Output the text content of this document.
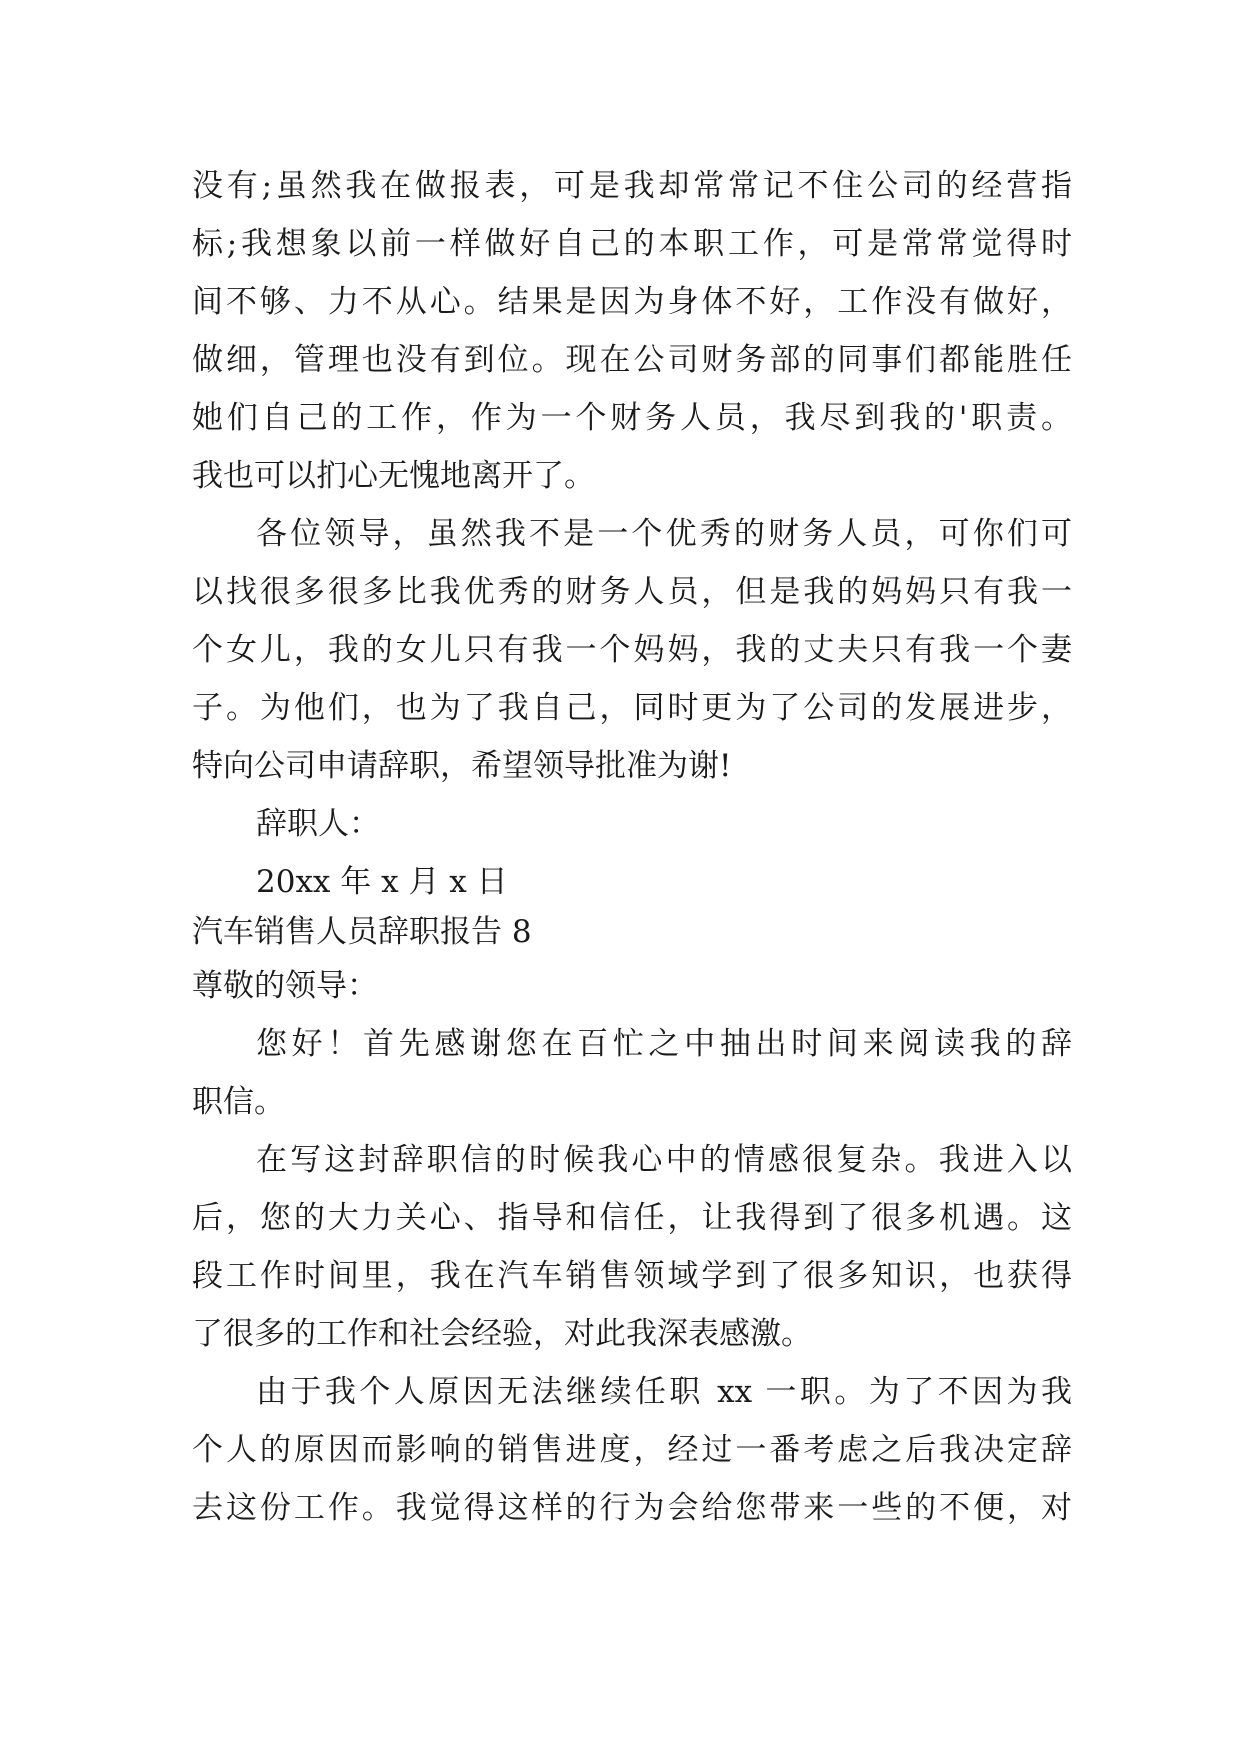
没有;虽然我在做报表，可是我却常常记不住公司的经营指
标;我想象以前一样做好自己的本职工作，可是常常觉得时
间不够、力不从心。结果是因为身体不好，工作没有做好，
做细，管理也没有到位。现在公司财务部的同事们都能胜任
她们自己的工作，作为一个财务人员，我尽到我的'职责。
我也可以扪心无愧地离开了。
各位领导，虽然我不是一个优秀的财务人员，可你们可
以找很多很多比我优秀的财务人员，但是我的妈妈只有我一
个女儿，我的女儿只有我一个妈妈，我的丈夫只有我一个妻
子。为他们，也为了我自己，同时更为了公司的发展进步，
特向公司申请辞职，希望领导批准为谢!
辞职人：
20xx 年 x 月 x 日
汽车销售人员辞职报告 8
尊敬的领导：
您好！首先感谢您在百忙之中抽出时间来阅读我的辞
职信。
在写这封辞职信的时候我心中的情感很复杂。我进入以
后，您的大力关心、指导和信任，让我得到了很多机遇。这
段工作时间里，我在汽车销售领域学到了很多知识，也获得
了很多的工作和社会经验，对此我深表感激。
由于我个人原因无法继续任职 xx 一职。为了不因为我
个人的原因而影响的销售进度，经过一番考虑之后我决定辞
去这份工作。我觉得这样的行为会给您带来一些的不便，对
